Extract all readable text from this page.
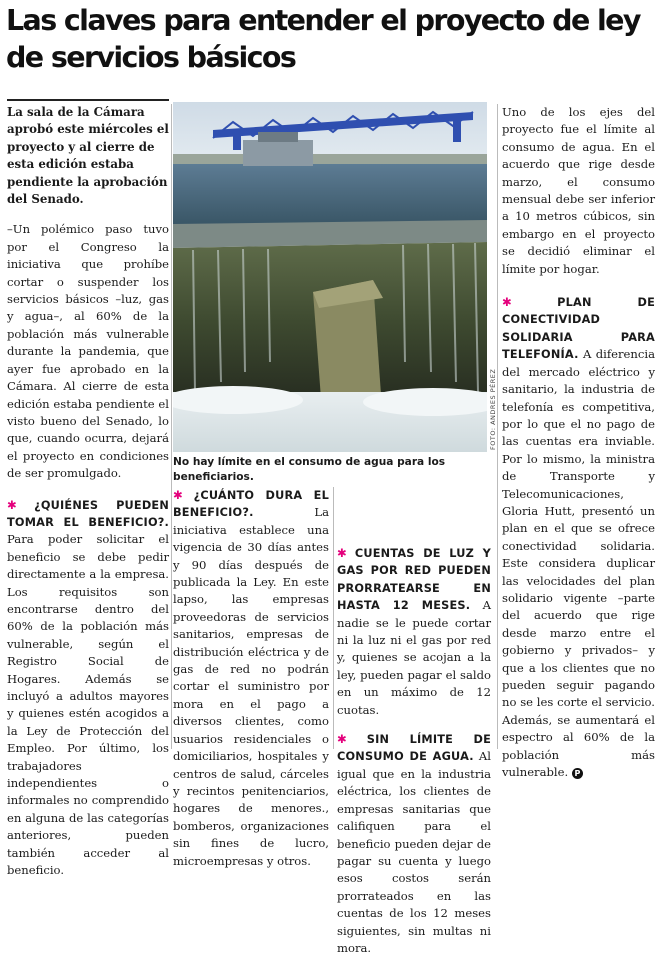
Las claves para entender el proyecto de ley de servicios básicos

La sala de la Cámara aprobó este miércoles el proyecto y al cierre de esta edición estaba pendiente la aprobación del Senado.

–Un polémico paso tuvo por el Congreso la iniciativa que prohíbe cortar o suspender los servicios básicos –luz, gas y agua–, al 60% de la población más vulnerable durante la pandemia, que ayer fue aprobado en la Cámara. Al cierre de esta edición estaba pendiente el visto bueno del Senado, lo que, cuando ocurra, dejará el proyecto en condiciones de ser promulgado.

✱ ¿QUIÉNES PUEDEN TOMAR EL BENEFICIO?. Para poder solicitar el beneficio se debe pedir directamente a la empresa. Los requisitos son encontrarse dentro del 60% de la población más vulnerable, según el Registro Social de Hogares. Además se incluyó a adultos mayores y quienes estén acogidos a la Ley de Protección del Empleo. Por último, los trabajadores independientes o informales no comprendido en alguna de las categorías anteriores, pueden también acceder al beneficio.

FOTO: ANDRES PÉREZ
No hay límite en el consumo de agua para los beneficiarios.

✱ ¿CUÁNTO DURA EL BENEFICIO?.	La iniciativa establece una vigencia de 30 días antes y 90 días después de publicada la Ley. En este lapso, las empresas proveedoras de servicios sanitarios, empresas de distribución eléctrica y de gas de red no podrán cortar el suministro por mora en el pago a diversos clientes, como usuarios residenciales o domiciliarios, hospitales y centros de salud, cárceles y recintos penitenciarios, hogares de menores., bomberos, organizaciones sin fines de lucro, microempresas y otros.

✱ CUENTAS DE LUZ Y GAS POR RED PUEDEN PRORRATEARSE EN HASTA 12 MESES. A nadie se le puede cortar ni la luz ni el gas por red y, quienes se acojan a la ley, pueden pagar el saldo en un máximo de 12 cuotas.

✱ SIN LÍMITE DE CONSUMO DE AGUA. Al igual que en la industria eléctrica, los clientes de empresas sanitarias que califiquen para el beneficio pueden dejar de pagar su cuenta y luego esos costos serán prorrateados en las cuentas de los 12 meses siguientes, sin multas ni mora.

Uno de los ejes del proyecto fue el límite al consumo de agua. En el acuerdo que rige desde marzo, el consumo mensual debe ser inferior a 10 metros cúbicos, sin embargo en el proyecto se decidió eliminar el límite por hogar.

✱	PLAN DE CONECTIVIDAD SOLIDARIA PARA TELEFONÍA. A diferencia del mercado eléctrico y sanitario, la industria de telefonía es competitiva, por lo que el no pago de las cuentas era inviable. Por lo mismo, la ministra de Transporte y Telecomunicaciones, Gloria Hutt, presentó un plan en el que se ofrece conectividad solidaria. Este considera duplicar las velocidades del plan solidario vigente –parte del acuerdo que rige desde marzo entre el gobierno y privados– y que a los clientes que no pueden seguir pagando no se les corte el servicio. Además, se aumentará el espectro al 60% de la población más vulnerable. P
